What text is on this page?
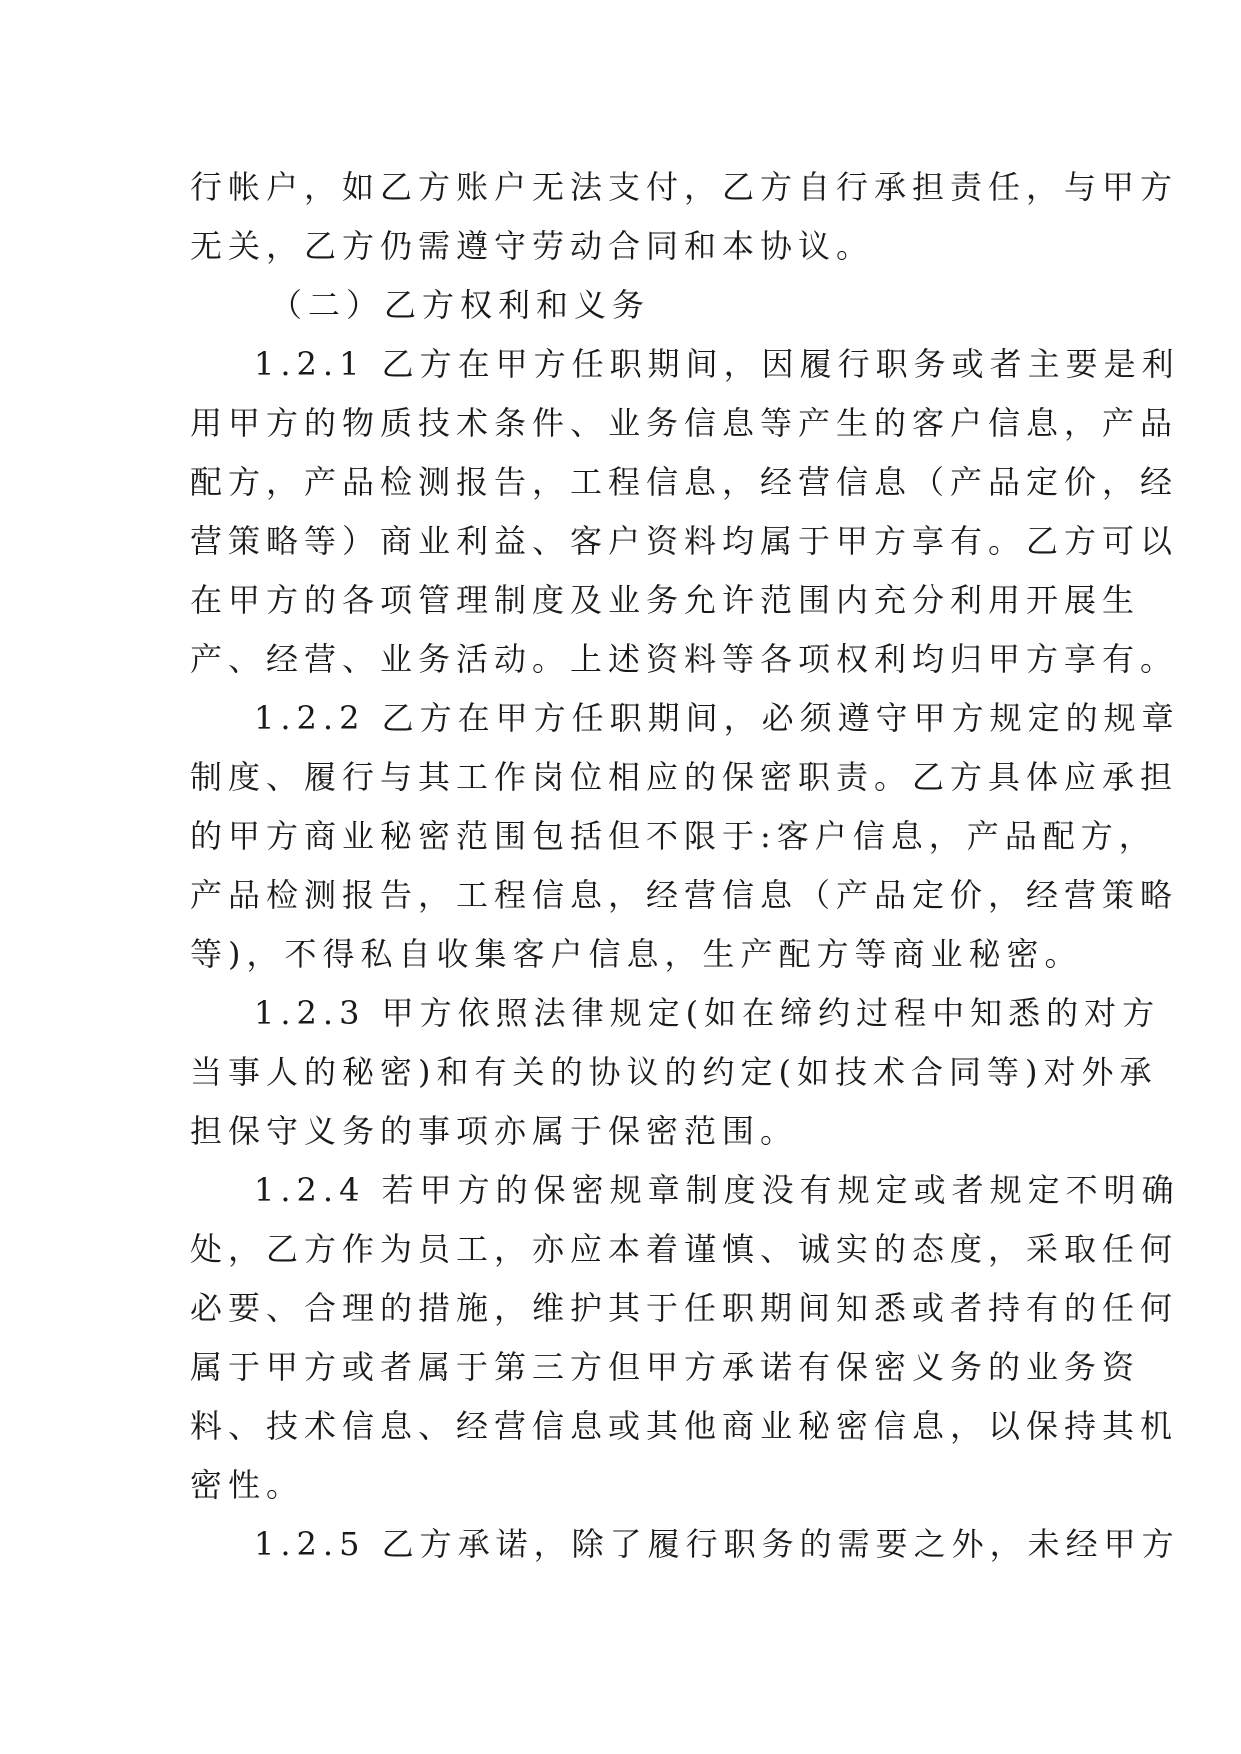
行帐户，如乙方账户无法支付，乙方自行承担责任，与甲方
无关，乙方仍需遵守劳动合同和本协议。
（二）乙方权利和义务
1.2.1 乙方在甲方任职期间，因履行职务或者主要是利
用甲方的物质技术条件、业务信息等产生的客户信息，产品
配方，产品检测报告，工程信息，经营信息（产品定价，经
营策略等）商业利益、客户资料均属于甲方享有。乙方可以
在甲方的各项管理制度及业务允许范围内充分利用开展生
产、经营、业务活动。上述资料等各项权利均归甲方享有。
1.2.2 乙方在甲方任职期间，必须遵守甲方规定的规章
制度、履行与其工作岗位相应的保密职责。乙方具体应承担
的甲方商业秘密范围包括但不限于:客户信息，产品配方，
产品检测报告，工程信息，经营信息（产品定价，经营策略
等)，不得私自收集客户信息，生产配方等商业秘密。
1.2.3 甲方依照法律规定(如在缔约过程中知悉的对方
当事人的秘密)和有关的协议的约定(如技术合同等)对外承
担保守义务的事项亦属于保密范围。
1.2.4 若甲方的保密规章制度没有规定或者规定不明确
处，乙方作为员工，亦应本着谨慎、诚实的态度，采取任何
必要、合理的措施，维护其于任职期间知悉或者持有的任何
属于甲方或者属于第三方但甲方承诺有保密义务的业务资
料、技术信息、经营信息或其他商业秘密信息，以保持其机
密性。
1.2.5 乙方承诺，除了履行职务的需要之外，未经甲方
